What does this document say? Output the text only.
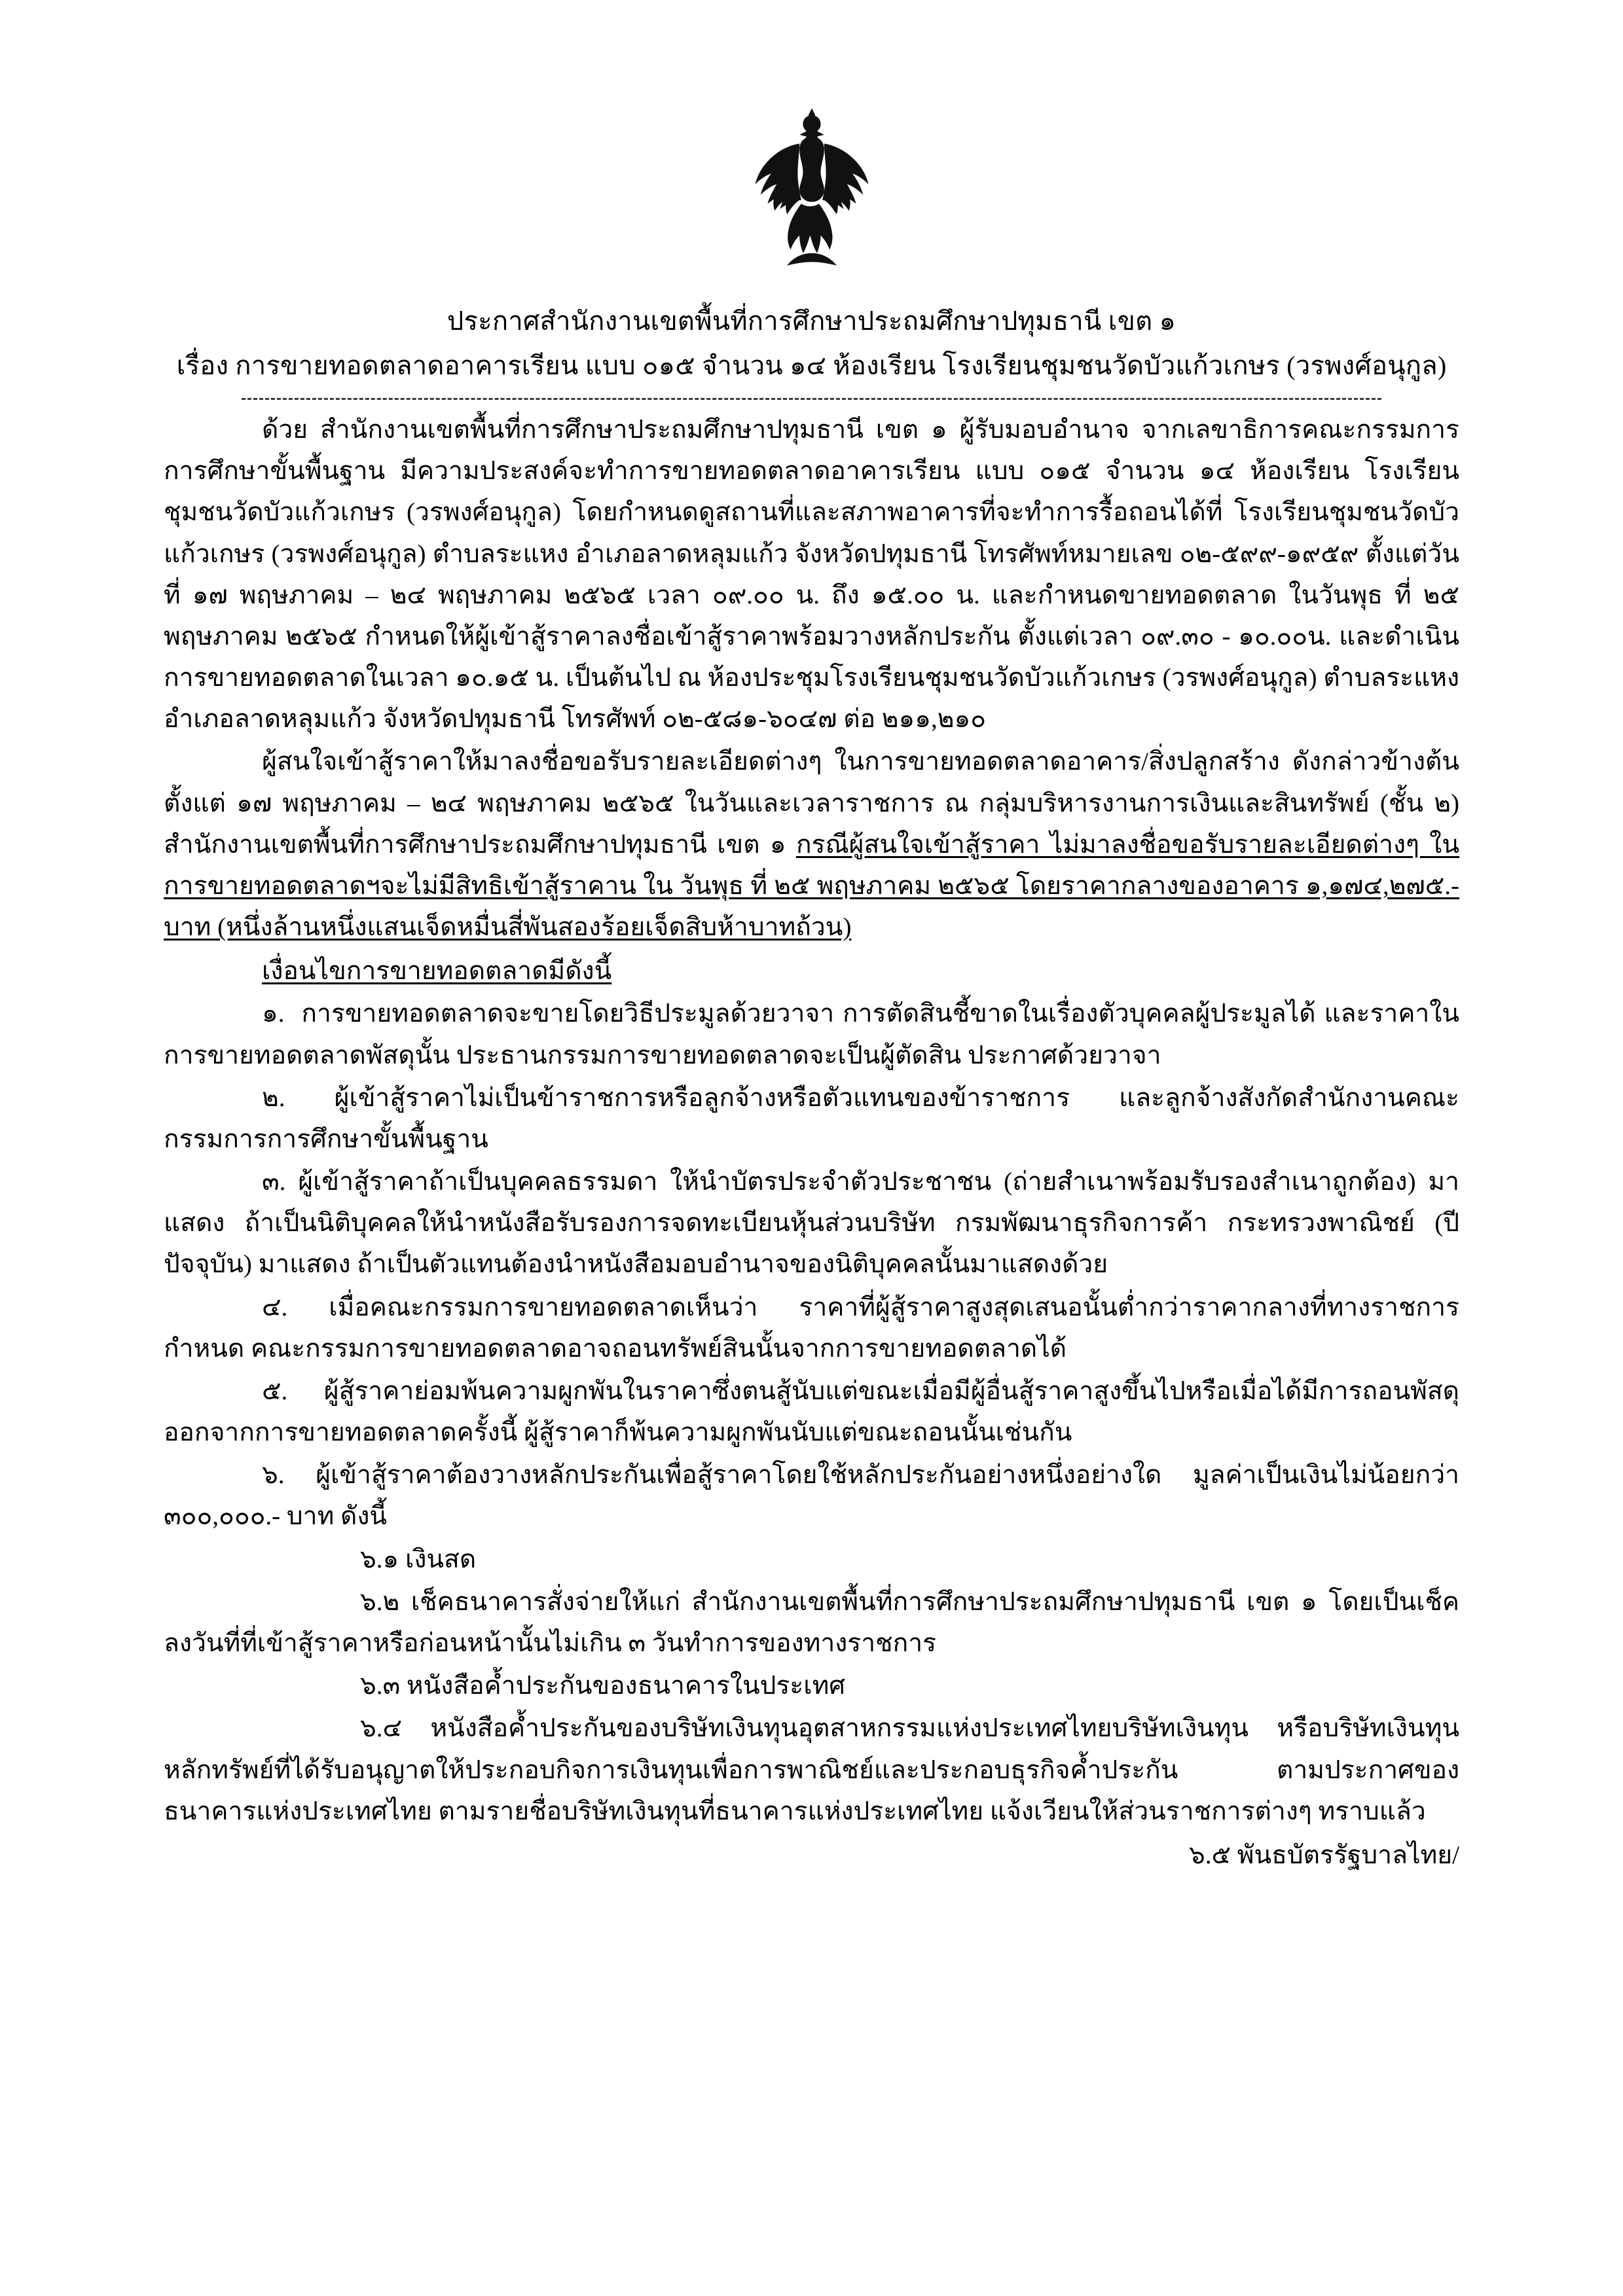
ประกาศสำนักงานเขตพื้นที่การศึกษาประถมศึกษาปทุมธานี เขต ๑
เรื่อง การขายทอดตลาดอาคารเรียน แบบ ๐๑๕ จำนวน ๑๔ ห้องเรียน โรงเรียนชุมชนวัดบัวแก้วเกษร (วรพงศ์อนุกูล)

ด้วย สำนักงานเขตพื้นที่การศึกษาประถมศึกษาปทุมธานี เขต ๑ ผู้รับมอบอำนาจ จากเลขาธิการคณะกรรมการการศึกษาขั้นพื้นฐาน มีความประสงค์จะทำการขายทอดตลาดอาคารเรียน แบบ ๐๑๕ จำนวน ๑๔ ห้องเรียน โรงเรียนชุมชนวัดบัวแก้วเกษร (วรพงศ์อนุกูล) โดยกำหนดดูสถานที่และสภาพอาคารที่จะทำการรื้อถอนได้ที่ โรงเรียนชุมชนวัดบัวแก้วเกษร (วรพงศ์อนุกูล) ตำบลระแหง อำเภอลาดหลุมแก้ว จังหวัดปทุมธานี โทรศัพท์หมายเลข ๐๒-๕๙๙-๑๙๕๙ ตั้งแต่วันที่ ๑๗ พฤษภาคม – ๒๔ พฤษภาคม ๒๕๖๕ เวลา ๐๙.๐๐ น. ถึง ๑๕.๐๐ น. และกำหนดขายทอดตลาด ในวันพุธ ที่ ๒๕ พฤษภาคม ๒๕๖๕ กำหนดให้ผู้เข้าสู้ราคาลงชื่อเข้าสู้ราคาพร้อมวางหลักประกัน ตั้งแต่เวลา ๐๙.๓๐ - ๑๐.๐๐น. และดำเนินการขายทอดตลาดในเวลา ๑๐.๑๕ น. เป็นต้นไป ณ ห้องประชุมโรงเรียนชุมชนวัดบัวแก้วเกษร (วรพงศ์อนุกูล) ตำบลระแหง อำเภอลาดหลุมแก้ว จังหวัดปทุมธานี โทรศัพท์ ๐๒-๕๘๑-๖๐๔๗ ต่อ ๒๑๑,๒๑๐

ผู้สนใจเข้าสู้ราคาให้มาลงชื่อขอรับรายละเอียดต่างๆ ในการขายทอดตลาดอาคาร/สิ่งปลูกสร้าง ดังกล่าวข้างต้น ตั้งแต่ ๑๗ พฤษภาคม – ๒๔ พฤษภาคม ๒๕๖๕ ในวันและเวลาราชการ ณ กลุ่มบริหารงานการเงินและสินทรัพย์ (ชั้น ๒) สำนักงานเขตพื้นที่การศึกษาประถมศึกษาปทุมธานี เขต ๑ กรณีผู้สนใจเข้าสู้ราคา ไม่มาลงชื่อขอรับรายละเอียดต่างๆ ในการขายทอดตลาดฯจะไม่มีสิทธิเข้าสู้ราคาน ใน วันพุธ ที่ ๒๕ พฤษภาคม ๒๕๖๕ โดยราคากลางของอาคาร ๑,๑๗๔,๒๗๕.- บาท (หนึ่งล้านหนึ่งแสนเจ็ดหมื่นสี่พันสองร้อยเจ็ดสิบห้าบาทถ้วน)

เงื่อนไขการขายทอดตลาดมีดังนี้

๑. การขายทอดตลาดจะขายโดยวิธีประมูลด้วยวาจา การตัดสินชี้ขาดในเรื่องตัวบุคคลผู้ประมูลได้ และราคาในการขายทอดตลาดพัสดุนั้น ประธานกรรมการขายทอดตลาดจะเป็นผู้ตัดสิน ประกาศด้วยวาจา

๒. ผู้เข้าสู้ราคาไม่เป็นข้าราชการหรือลูกจ้างหรือตัวแทนของข้าราชการ และลูกจ้างสังกัดสำนักงานคณะกรรมการการศึกษาขั้นพื้นฐาน

๓. ผู้เข้าสู้ราคาถ้าเป็นบุคคลธรรมดา ให้นำบัตรประจำตัวประชาชน (ถ่ายสำเนาพร้อมรับรองสำเนาถูกต้อง) มาแสดง ถ้าเป็นนิติบุคคลให้นำหนังสือรับรองการจดทะเบียนหุ้นส่วนบริษัท กรมพัฒนาธุรกิจการค้า กระทรวงพาณิชย์ (ปีปัจจุบัน) มาแสดง ถ้าเป็นตัวแทนต้องนำหนังสือมอบอำนาจของนิติบุคคลนั้นมาแสดงด้วย

๔. เมื่อคณะกรรมการขายทอดตลาดเห็นว่า ราคาที่ผู้สู้ราคาสูงสุดเสนอนั้นต่ำกว่าราคากลางที่ทางราชการกำหนด คณะกรรมการขายทอดตลาดอาจถอนทรัพย์สินนั้นจากการขายทอดตลาดได้

๕. ผู้สู้ราคาย่อมพ้นความผูกพันในราคาซึ่งตนสู้นับแต่ขณะเมื่อมีผู้อื่นสู้ราคาสูงขึ้นไปหรือเมื่อได้มีการถอนพัสดุออกจากการขายทอดตลาดครั้งนี้ ผู้สู้ราคาก็พ้นความผูกพันนับแต่ขณะถอนนั้นเช่นกัน

๖. ผู้เข้าสู้ราคาต้องวางหลักประกันเพื่อสู้ราคาโดยใช้หลักประกันอย่างหนึ่งอย่างใด มูลค่าเป็นเงินไม่น้อยกว่า ๓๐๐,๐๐๐.- บาท ดังนี้

๖.๑ เงินสด

๖.๒ เช็คธนาคารสั่งจ่ายให้แก่ สำนักงานเขตพื้นที่การศึกษาประถมศึกษาปทุมธานี เขต ๑ โดยเป็นเช็คลงวันที่ที่เข้าสู้ราคาหรือก่อนหน้านั้นไม่เกิน ๓ วันทำการของทางราชการ

๖.๓ หนังสือค้ำประกันของธนาคารในประเทศ

๖.๔ หนังสือค้ำประกันของบริษัทเงินทุนอุตสาหกรรมแห่งประเทศไทยบริษัทเงินทุน หรือบริษัทเงินทุนหลักทรัพย์ที่ได้รับอนุญาตให้ประกอบกิจการเงินทุนเพื่อการพาณิชย์และประกอบธุรกิจค้ำประกัน ตามประกาศของธนาคารแห่งประเทศไทย ตามรายชื่อบริษัทเงินทุนที่ธนาคารแห่งประเทศไทย แจ้งเวียนให้ส่วนราชการต่างๆ ทราบแล้ว

๖.๕ พันธบัตรรัฐบาลไทย/
